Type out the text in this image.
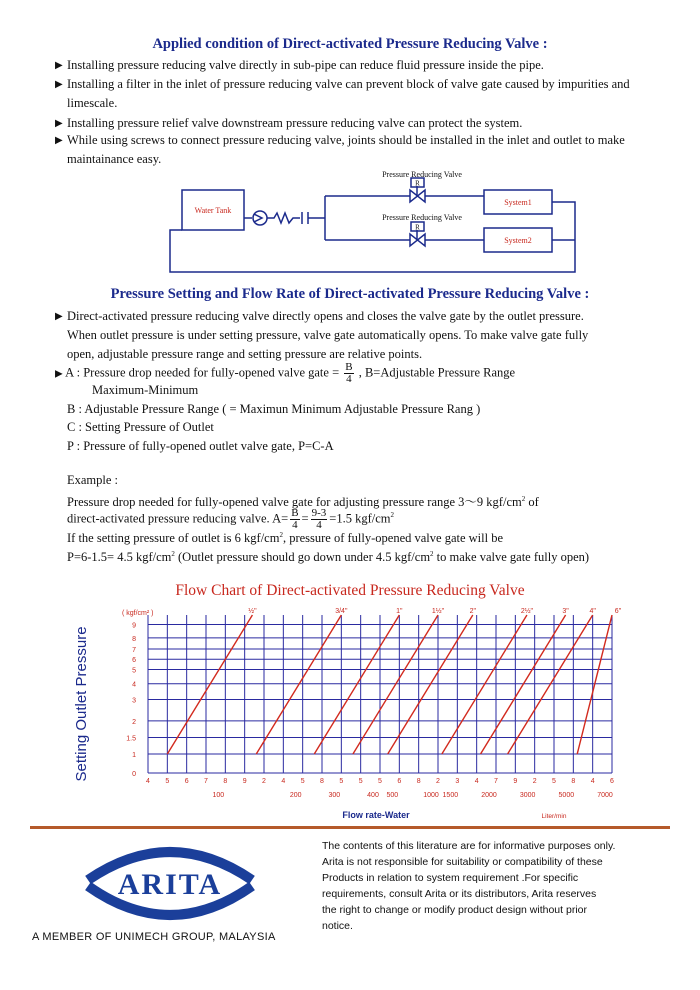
Applied condition of Direct-activated Pressure Reducing Valve :
▶ Installing pressure reducing valve directly in sub-pipe can reduce fluid pressure inside the pipe.
▶ Installing a filter in the inlet of pressure reducing valve can prevent block of valve gate caused by impurities and limescale.
▶ Installing pressure relief valve downstream pressure reducing valve can protect the system.
▶ While using screws to connect pressure reducing valve, joints should be installed in the inlet and outlet to make maintainance easy.
Water Tank
System1
System2
Pressure Reducing Valve
Pressure Reducing Valve
R
R
Pressure Setting and Flow Rate of Direct-activated Pressure Reducing Valve :
▶ Direct-activated pressure reducing valve directly opens and closes the valve gate by the outlet pressure.
When outlet pressure is under setting pressure, valve gate automatically opens. To make valve gate fully
open, adjustable pressure range and setting pressure are relative points.
▶ A : Pressure drop needed for fully-opened valve gate = $\frac{B}{4}$ , B=Adjustable Pressure Range
Maximum-Minimum
B : Adjustable Pressure Range ( = Maximun Minimum Adjustable Pressure Rang )
C : Setting Pressure of Outlet
P : Pressure of fully-opened outlet valve gate, P=C-A
Example :
Pressure drop needed for fully-opened valve gate for adjusting pressure range 3～9 kgf/$cm^2$ of
direct-activated pressure reducing valve. $A= \frac{B}{4} = \frac{9-3}{4} =1.5$ kgf/$cm^2$
If the setting pressure of outlet is 6 kgf/$cm^2$, pressure of fully-opened valve gate will be
P=6-1.5= 4.5 kgf/$cm^2$ (Outlet pressure should go down under 4.5 kgf/$cm^2$ to make valve gate fully open)
Flow Chart of Direct-activated Pressure Reducing Valve
Setting Outlet Pressure
( kgf/cm² )
0
1
1.5
2
3
4
5
6
7
8
9
4 5 6 7 8 9 2 4 5 8 5 5 5 6 8 2 3 4 7 9 2 5 8 4 6
100	200	300	400 500	1000 1500	2000	3000	5000	7000
½"	3/4"	1"	1½"	2"	2½"	3"	4"	6"
Flow rate-Water	Liter/min
ARITA
A MEMBER OF UNIMECH GROUP, MALAYSIA
The contents of this literature are for informative purposes only.
Arita is not responsible for suitability or compatibility of these
Products in relation to system requirement .For specific
requirements, consult Arita or its distributors, Arita reserves
the right to change or modify product design without prior
notice.
